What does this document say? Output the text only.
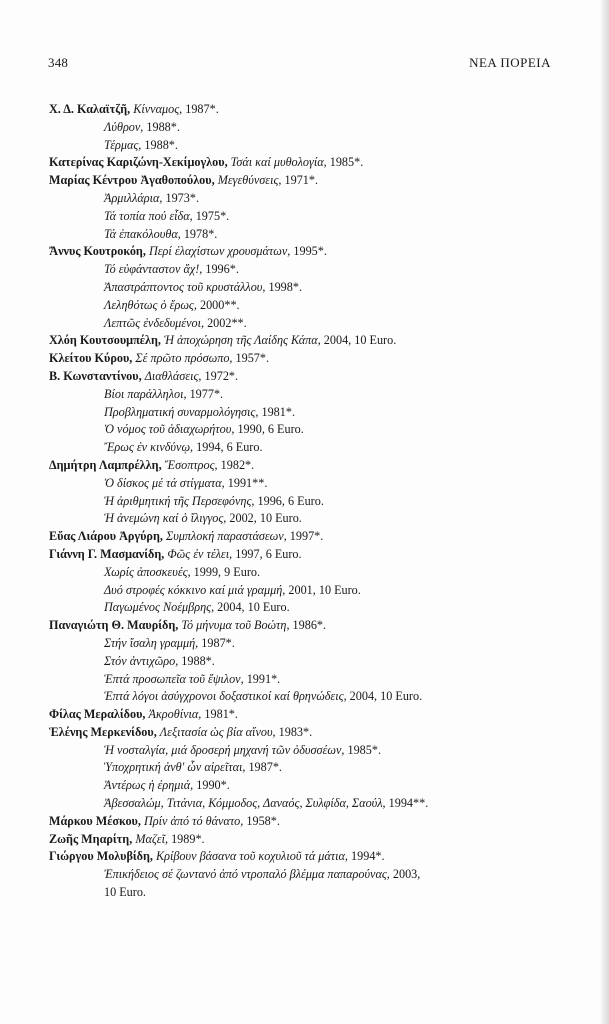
348	ΝΕΑ ΠΟΡΕΙΑ
Χ. Δ. Καλαϊτζῆ, Κίνναμος, 1987*.
Λύθρον, 1988*.
Τέρμας, 1988*.
Κατερίνας Καριζώνη-Χεκίμογλου, Τσάι καί μυθολογία, 1985*.
Μαρίας Κέντρου Ἀγαθοπούλου, Μεγεθύνσεις, 1971*.
Ἀρμιλλάρια, 1973*.
Τά τοπία πού εἶδα, 1975*.
Τά ἐπακόλουθα, 1978*.
Ἄννυς Κουτροκόη, Περί ἐλαχίστων χρουσμάτων, 1995*.
Τό εὐφάνταστον ἄχ!, 1996*.
Ἀπαστράπτοντος τοῦ κρυστάλλου, 1998*.
Λεληθότως ὁ ἔρως, 2000**.
Λεπτῶς ἐνδεδυμένοι, 2002**.
Χλόη Κουτσουμπέλη, Ἡ ἀποχώρηση τῆς Λαίδης Κάπα, 2004, 10 Euro.
Κλείτου Κύρου, Σέ πρῶτο πρόσωπο, 1957*.
Β. Κωνσταντίνου, Διαθλάσεις, 1972*.
Βίοι παράλληλοι, 1977*.
Προβληματική συναρμολόγησις, 1981*.
Ὁ νόμος τοῦ ἀδιαχωρήτου, 1990, 6 Euro.
Ἔρως ἐν κινδύνῳ, 1994, 6 Euro.
Δημήτρη Λαμπρέλλη, Ἔσοπτρος, 1982*.
Ὁ δίσκος μέ τά στίγματα, 1991**.
Ἡ ἀριθμητική τῆς Περσεφόνης, 1996, 6 Euro.
Ἡ ἀνεμώνη καί ὁ ἴλιγγος, 2002, 10 Euro.
Εὔας Λιάρου Ἀργύρη, Συμπλοκή παραστάσεων, 1997*.
Γιάννη Γ. Μασμανίδη, Φῶς ἐν τέλει, 1997, 6 Euro.
Χωρίς ἀποσκευές, 1999, 9 Euro.
Δυό στροφές κόκκινο καί μιά γραμμή, 2001, 10 Euro.
Παγωμένος Νοέμβρης, 2004, 10 Euro.
Παναγιώτη Θ. Μαυρίδη, Τό μήνυμα τοῦ Βοώτη, 1986*.
Στήν ἴσαλη γραμμή, 1987*.
Στόν ἀντιχῶρο, 1988*.
Ἑπτά προσωπεῖα τοῦ ἔψιλον, 1991*.
Ἑπτά λόγοι ἀσύγχρονοι δοξαστικοί καί θρηνώδεις, 2004, 10 Euro.
Φίλας Μεραλίδου, Ἀκροθίνια, 1981*.
Ἑλένης Μερκενίδου, Λεξιτασία ὡς βία αἴνου, 1983*.
Ἡ νοσταλγία, μιά δροσερή μηχανή τῶν ὀδυσσέων, 1985*.
Ὑποχρητική ἀνθ' ὧν αἱρεῖται, 1987*.
Ἀντέρως ἡ ἐρημιά, 1990*.
Ἀβεσσαλώμ, Τιτάνια, Κόμμοδος, Δαναός, Συλφίδα, Σαούλ, 1994**.
Μάρκου Μέσκου, Πρίν ἀπό τό θάνατο, 1958*.
Ζωῆς Μηαρίτη, Μαζεῖ, 1989*.
Γιώργου Μολυβίδη, Κρίβουν βάσανα τοῦ κοχυλιοῦ τά μάτια, 1994*.
Ἐπικήδειος σέ ζωντανό ἀπό ντροπαλό βλέμμα παπαρούνας, 2003,
10 Euro.
